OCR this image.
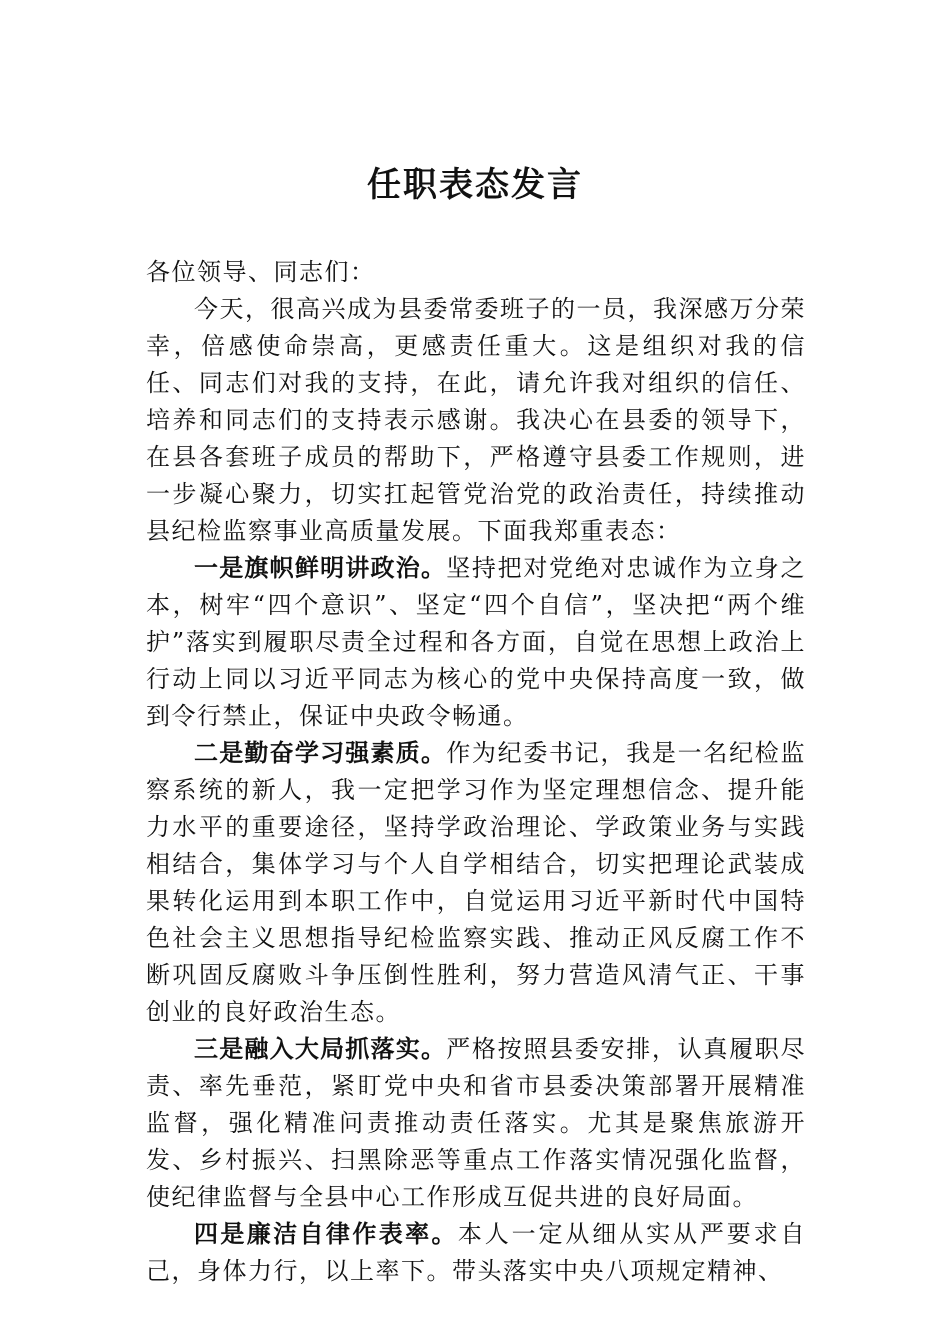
任职表态发言

各位领导、同志们：

今天，很高兴成为县委常委班子的一员，我深感万分荣幸，倍感使命崇高，更感责任重大。这是组织对我的信任、同志们对我的支持，在此，请允许我对组织的信任、培养和同志们的支持表示感谢。我决心在县委的领导下，在县各套班子成员的帮助下，严格遵守县委工作规则，进一步凝心聚力，切实扛起管党治党的政治责任，持续推动县纪检监察事业高质量发展。下面我郑重表态：

一是旗帜鲜明讲政治。坚持把对党绝对忠诚作为立身之本，树牢“四个意识”、坚定“四个自信”，坚决把“两个维护”落实到履职尽责全过程和各方面，自觉在思想上政治上行动上同以习近平同志为核心的党中央保持高度一致，做到令行禁止，保证中央政令畅通。

二是勤奋学习强素质。作为纪委书记，我是一名纪检监察系统的新人，我一定把学习作为坚定理想信念、提升能力水平的重要途径，坚持学政治理论、学政策业务与实践相结合，集体学习与个人自学相结合，切实把理论武装成果转化运用到本职工作中，自觉运用习近平新时代中国特色社会主义思想指导纪检监察实践、推动正风反腐工作不断巩固反腐败斗争压倒性胜利，努力营造风清气正、干事创业的良好政治生态。

三是融入大局抓落实。严格按照县委安排，认真履职尽责、率先垂范，紧盯党中央和省市县委决策部署开展精准监督，强化精准问责推动责任落实。尤其是聚焦旅游开发、乡村振兴、扫黑除恶等重点工作落实情况强化监督，使纪律监督与全县中心工作形成互促共进的良好局面。

四是廉洁自律作表率。本人一定从细从实从严要求自己，身体力行，以上率下。带头落实中央八项规定精神、
